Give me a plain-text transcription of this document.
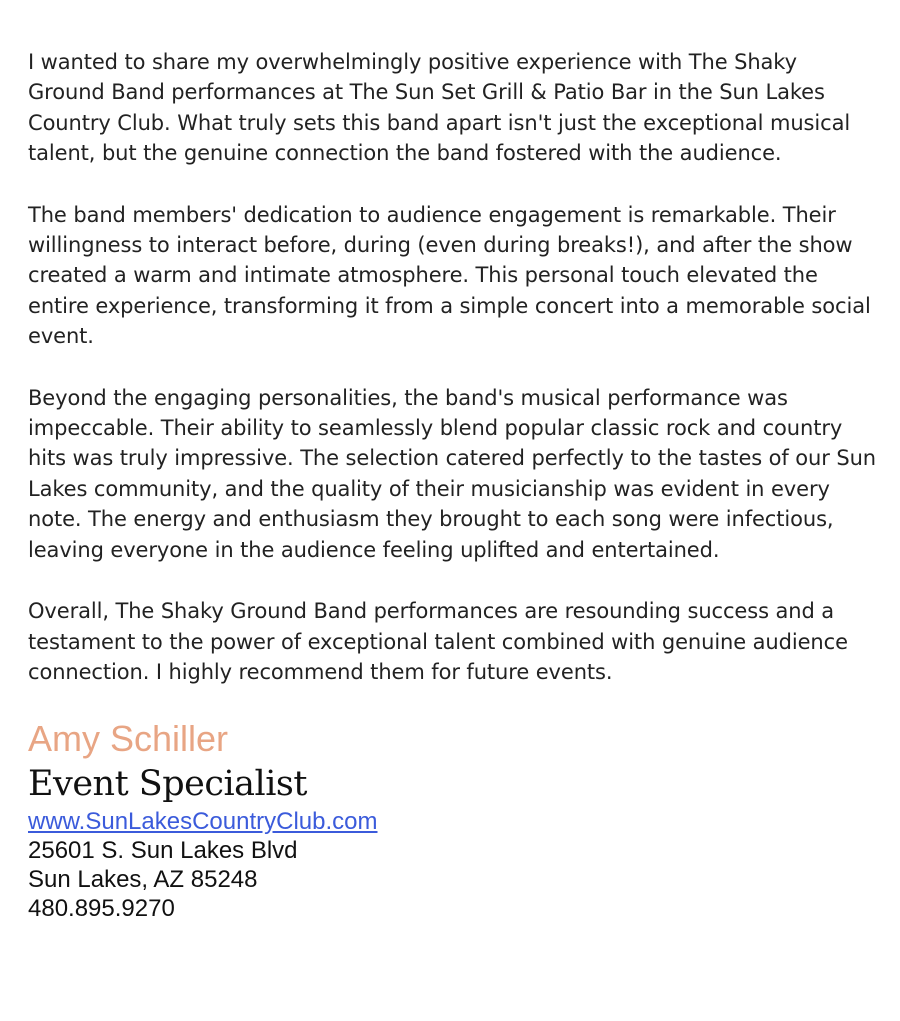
I wanted to share my overwhelmingly positive experience with The Shaky Ground Band performances at The Sun Set Grill & Patio Bar in the Sun Lakes Country Club. What truly sets this band apart isn't just the exceptional musical talent, but the genuine connection the band fostered with the audience.

The band members' dedication to audience engagement is remarkable. Their willingness to interact before, during (even during breaks!), and after the show created a warm and intimate atmosphere. This personal touch elevated the entire experience, transforming it from a simple concert into a memorable social event.

Beyond the engaging personalities, the band's musical performance was impeccable. Their ability to seamlessly blend popular classic rock and country hits was truly impressive. The selection catered perfectly to the tastes of our Sun Lakes community, and the quality of their musicianship was evident in every note. The energy and enthusiasm they brought to each song were infectious, leaving everyone in the audience feeling uplifted and entertained.

Overall, The Shaky Ground Band performances are resounding success and a testament to the power of exceptional talent combined with genuine audience connection. I highly recommend them for future events.

Amy Schiller
Event Specialist
www.SunLakesCountryClub.com
25601 S. Sun Lakes Blvd
Sun Lakes, AZ 85248
480.895.9270
